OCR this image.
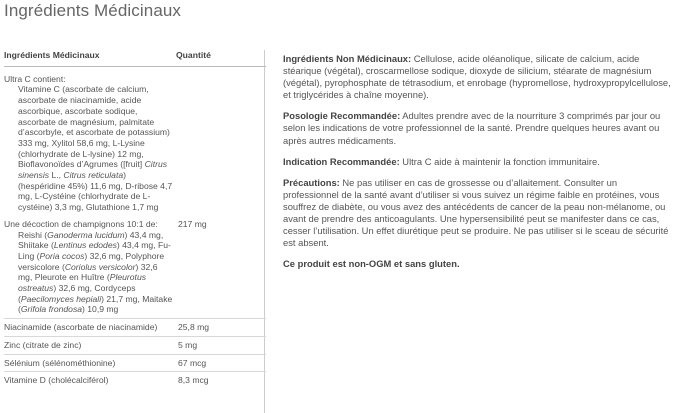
Ingrédients Médicinaux
Ingrédients Médicinaux	Quantité
Ultra C contient:
Vitamine C (ascorbate de calcium, ascorbate de niacinamide, acide ascorbique, ascorbate sodique, ascorbate de magnésium, palmitate d’ascorbyle, et ascorbate de potassium) 333 mg, Xylitol 58,6 mg, L-Lysine (chlorhydrate de L-lysine) 12 mg, Bioflavonoïdes d’Agrumes ([fruit] Citrus sinensis L., Citrus reticulata) (hespéridine 45%) 11,6 mg, D-ribose 4,7 mg, L-Cystéine (chlorhydrate de L-cystéine) 3,3 mg, Glutathione 1,7 mg	

Une décoction de champignons 10:1 de:
Reishi (Ganoderma lucidum) 43,4 mg, Shiitake (Lentinus edodes) 43,4 mg, Fu-Ling (Poria cocos) 32,6 mg, Polyphore versicolore (Coriolus versicolor) 32,6 mg, Pleurote en Huître (Pleurotus ostreatus) 32,6 mg, Cordyceps (Paecilomyces hepiali) 21,7 mg, Maitake (Grifola frondosa) 10,9 mg	217 mg
Niacinamide (ascorbate de niacinamide)	25,8 mg
Zinc (citrate de zinc)	5 mg
Sélénium (sélénométhionine)	67 mcg
Vitamine D (cholécalciférol)	8,3 mcg

Ingrédients Non Médicinaux: Cellulose, acide oléanolique, silicate de calcium, acide stéarique (végétal), croscarmellose sodique, dioxyde de silicium, stéarate de magnésium (végétal), pyrophosphate de tétrasodium, et enrobage (hypromellose, hydroxypropylcellulose, et triglycérides à chaîne moyenne).

Posologie Recommandée: Adultes prendre avec de la nourriture 3 comprimés par jour ou selon les indications de votre professionnel de la santé. Prendre quelques heures avant ou après autres médicaments.

Indication Recommandée: Ultra C aide à maintenir la fonction immunitaire.

Précautions: Ne pas utiliser en cas de grossesse ou d’allaitement. Consulter un professionnel de la santé avant d’utiliser si vous suivez un régime faible en protéines, vous souffrez de diabète, ou vous avez des antécédents de cancer de la peau non-mélanome, ou avant de prendre des anticoagulants. Une hypersensibilité peut se manifester dans ce cas, cesser l’utilisation. Un effet diurétique peut se produire. Ne pas utiliser si le sceau de sécurité est absent.

Ce produit est non-OGM et sans gluten.
